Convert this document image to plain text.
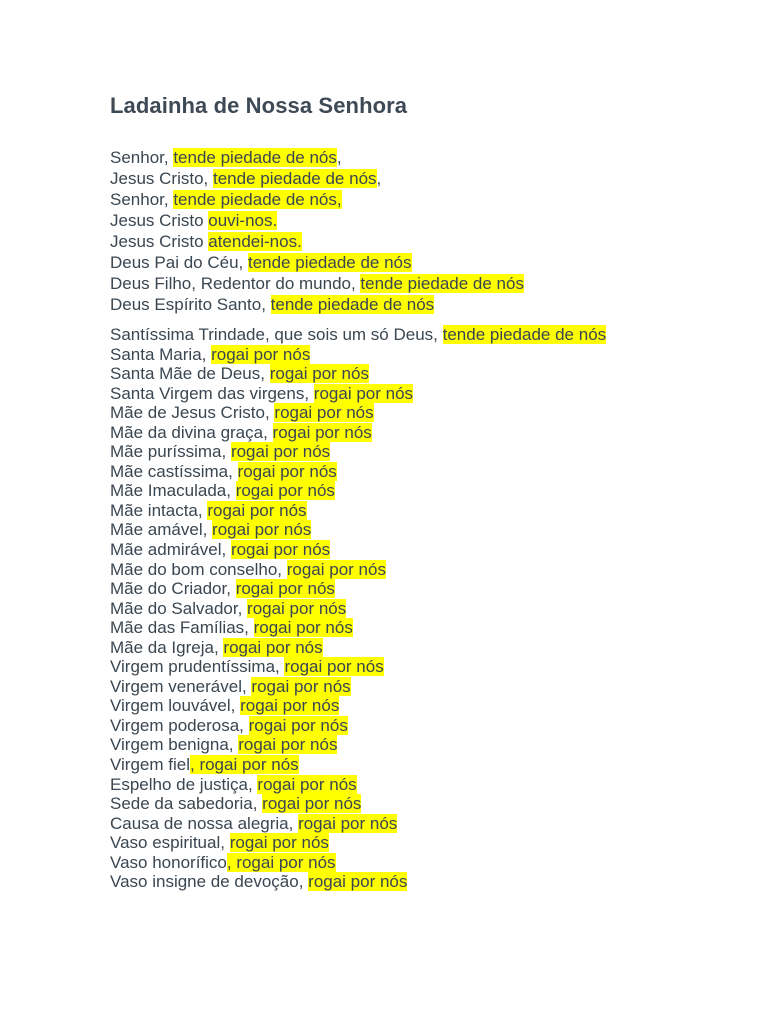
Ladainha de Nossa Senhora
Senhor, tende piedade de nós,
Jesus Cristo, tende piedade de nós,
Senhor, tende piedade de nós,
Jesus Cristo ouvi-nos.
Jesus Cristo atendei-nos.
Deus Pai do Céu, tende piedade de nós
Deus Filho, Redentor do mundo, tende piedade de nós
Deus Espírito Santo, tende piedade de nós
Santíssima Trindade, que sois um só Deus, tende piedade de nós
Santa Maria, rogai por nós
Santa Mãe de Deus, rogai por nós
Santa Virgem das virgens, rogai por nós
Mãe de Jesus Cristo, rogai por nós
Mãe da divina graça, rogai por nós
Mãe puríssima, rogai por nós
Mãe castíssima, rogai por nós
Mãe Imaculada, rogai por nós
Mãe intacta, rogai por nós
Mãe amável, rogai por nós
Mãe admirável, rogai por nós
Mãe do bom conselho, rogai por nós
Mãe do Criador, rogai por nós
Mãe do Salvador, rogai por nós
Mãe das Famílias, rogai por nós
Mãe da Igreja, rogai por nós
Virgem prudentíssima, rogai por nós
Virgem venerável, rogai por nós
Virgem louvável, rogai por nós
Virgem poderosa, rogai por nós
Virgem benigna, rogai por nós
Virgem fiel, rogai por nós
Espelho de justiça, rogai por nós
Sede da sabedoria, rogai por nós
Causa de nossa alegria, rogai por nós
Vaso espiritual, rogai por nós
Vaso honorífico, rogai por nós
Vaso insigne de devoção, rogai por nós
